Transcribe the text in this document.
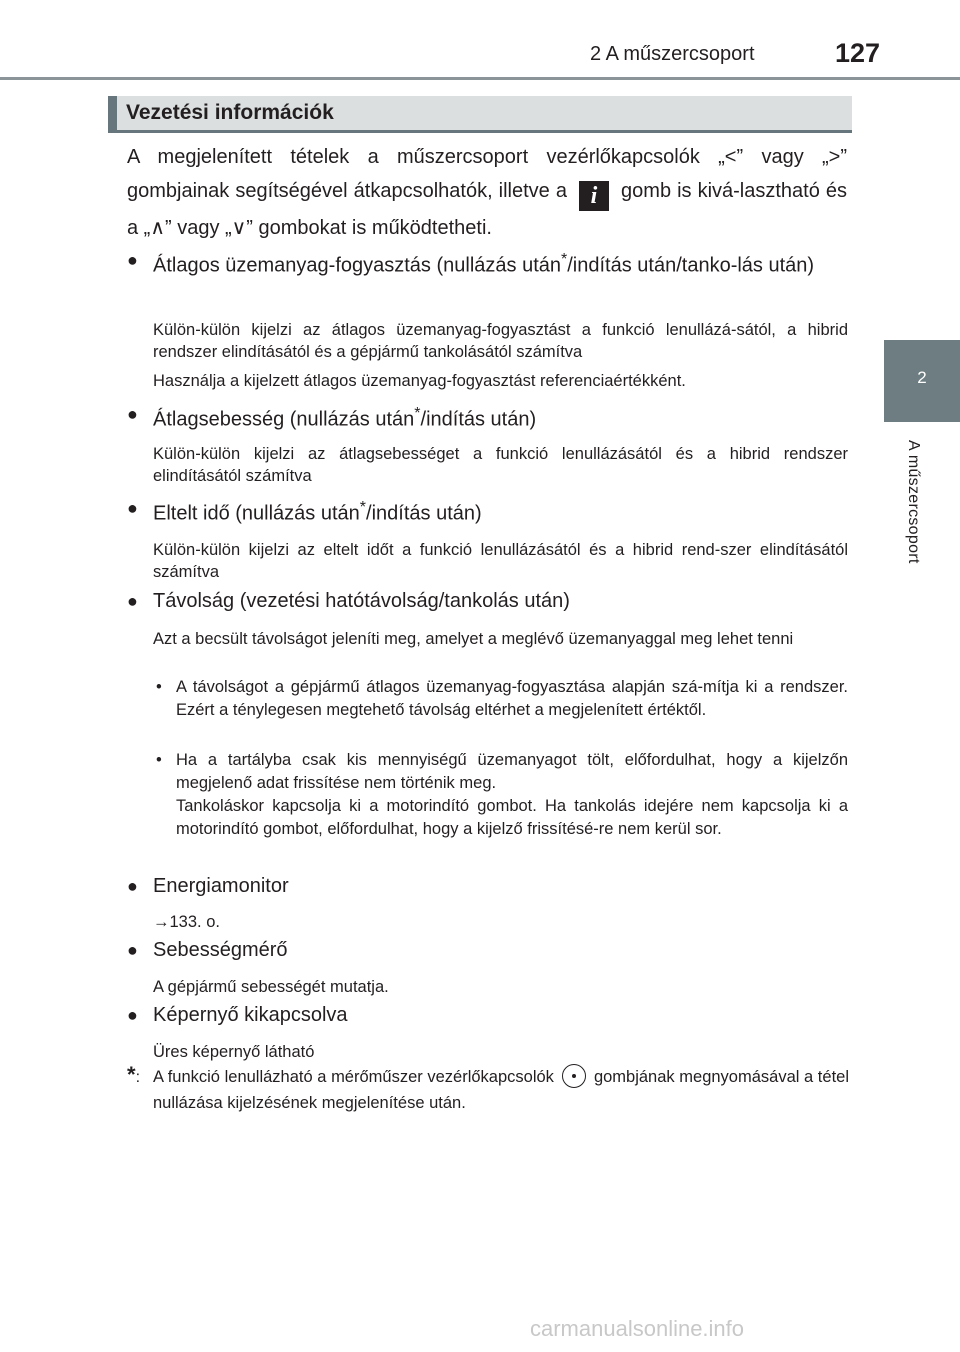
2 A műszercsoport	127
2
A műszercsoport
Vezetési információk
A megjelenített tételek a műszercsoport vezérlőkapcsolók „<” vagy „>” gombjainak segítségével átkapcsolhatók, illetve a i gomb is kivá-lasztható és a „∧” vagy „∨” gombokat is működtetheti.
● Átlagos üzemanyag-fogyasztás (nullázás után*/indítás után/tanko-lás után)
Külön-külön kijelzi az átlagos üzemanyag-fogyasztást a funkció lenullázá-sától, a hibrid rendszer elindításától és a gépjármű tankolásától számítva
Használja a kijelzett átlagos üzemanyag-fogyasztást referenciaértékként.
● Átlagsebesség (nullázás után*/indítás után)
Külön-külön kijelzi az átlagsebességet a funkció lenullázásától és a hibrid rendszer elindításától számítva
● Eltelt idő (nullázás után*/indítás után)
Külön-külön kijelzi az eltelt időt a funkció lenullázásától és a hibrid rend-szer elindításától számítva
● Távolság (vezetési hatótávolság/tankolás után)
Azt a becsült távolságot jeleníti meg, amelyet a meglévő üzemanyaggal meg lehet tenni
• A távolságot a gépjármű átlagos üzemanyag-fogyasztása alapján szá-mítja ki a rendszer. Ezért a ténylegesen megtehető távolság eltérhet a megjelenített értéktől.
• Ha a tartályba csak kis mennyiségű üzemanyagot tölt, előfordulhat, hogy a kijelzőn megjelenő adat frissítése nem történik meg.
Tankoláskor kapcsolja ki a motorindító gombot. Ha tankolás idejére nem kapcsolja ki a motorindító gombot, előfordulhat, hogy a kijelző frissítésé-re nem kerül sor.
● Energiamonitor
→133. o.
● Sebességmérő
A gépjármű sebességét mutatja.
● Képernyő kikapcsolva
Üres képernyő látható
*: A funkció lenullázható a mérőműszer vezérlőkapcsolók gombjának megnyomásával a tétel nullázása kijelzésének megjelenítése után.
carmanualsonline.info
